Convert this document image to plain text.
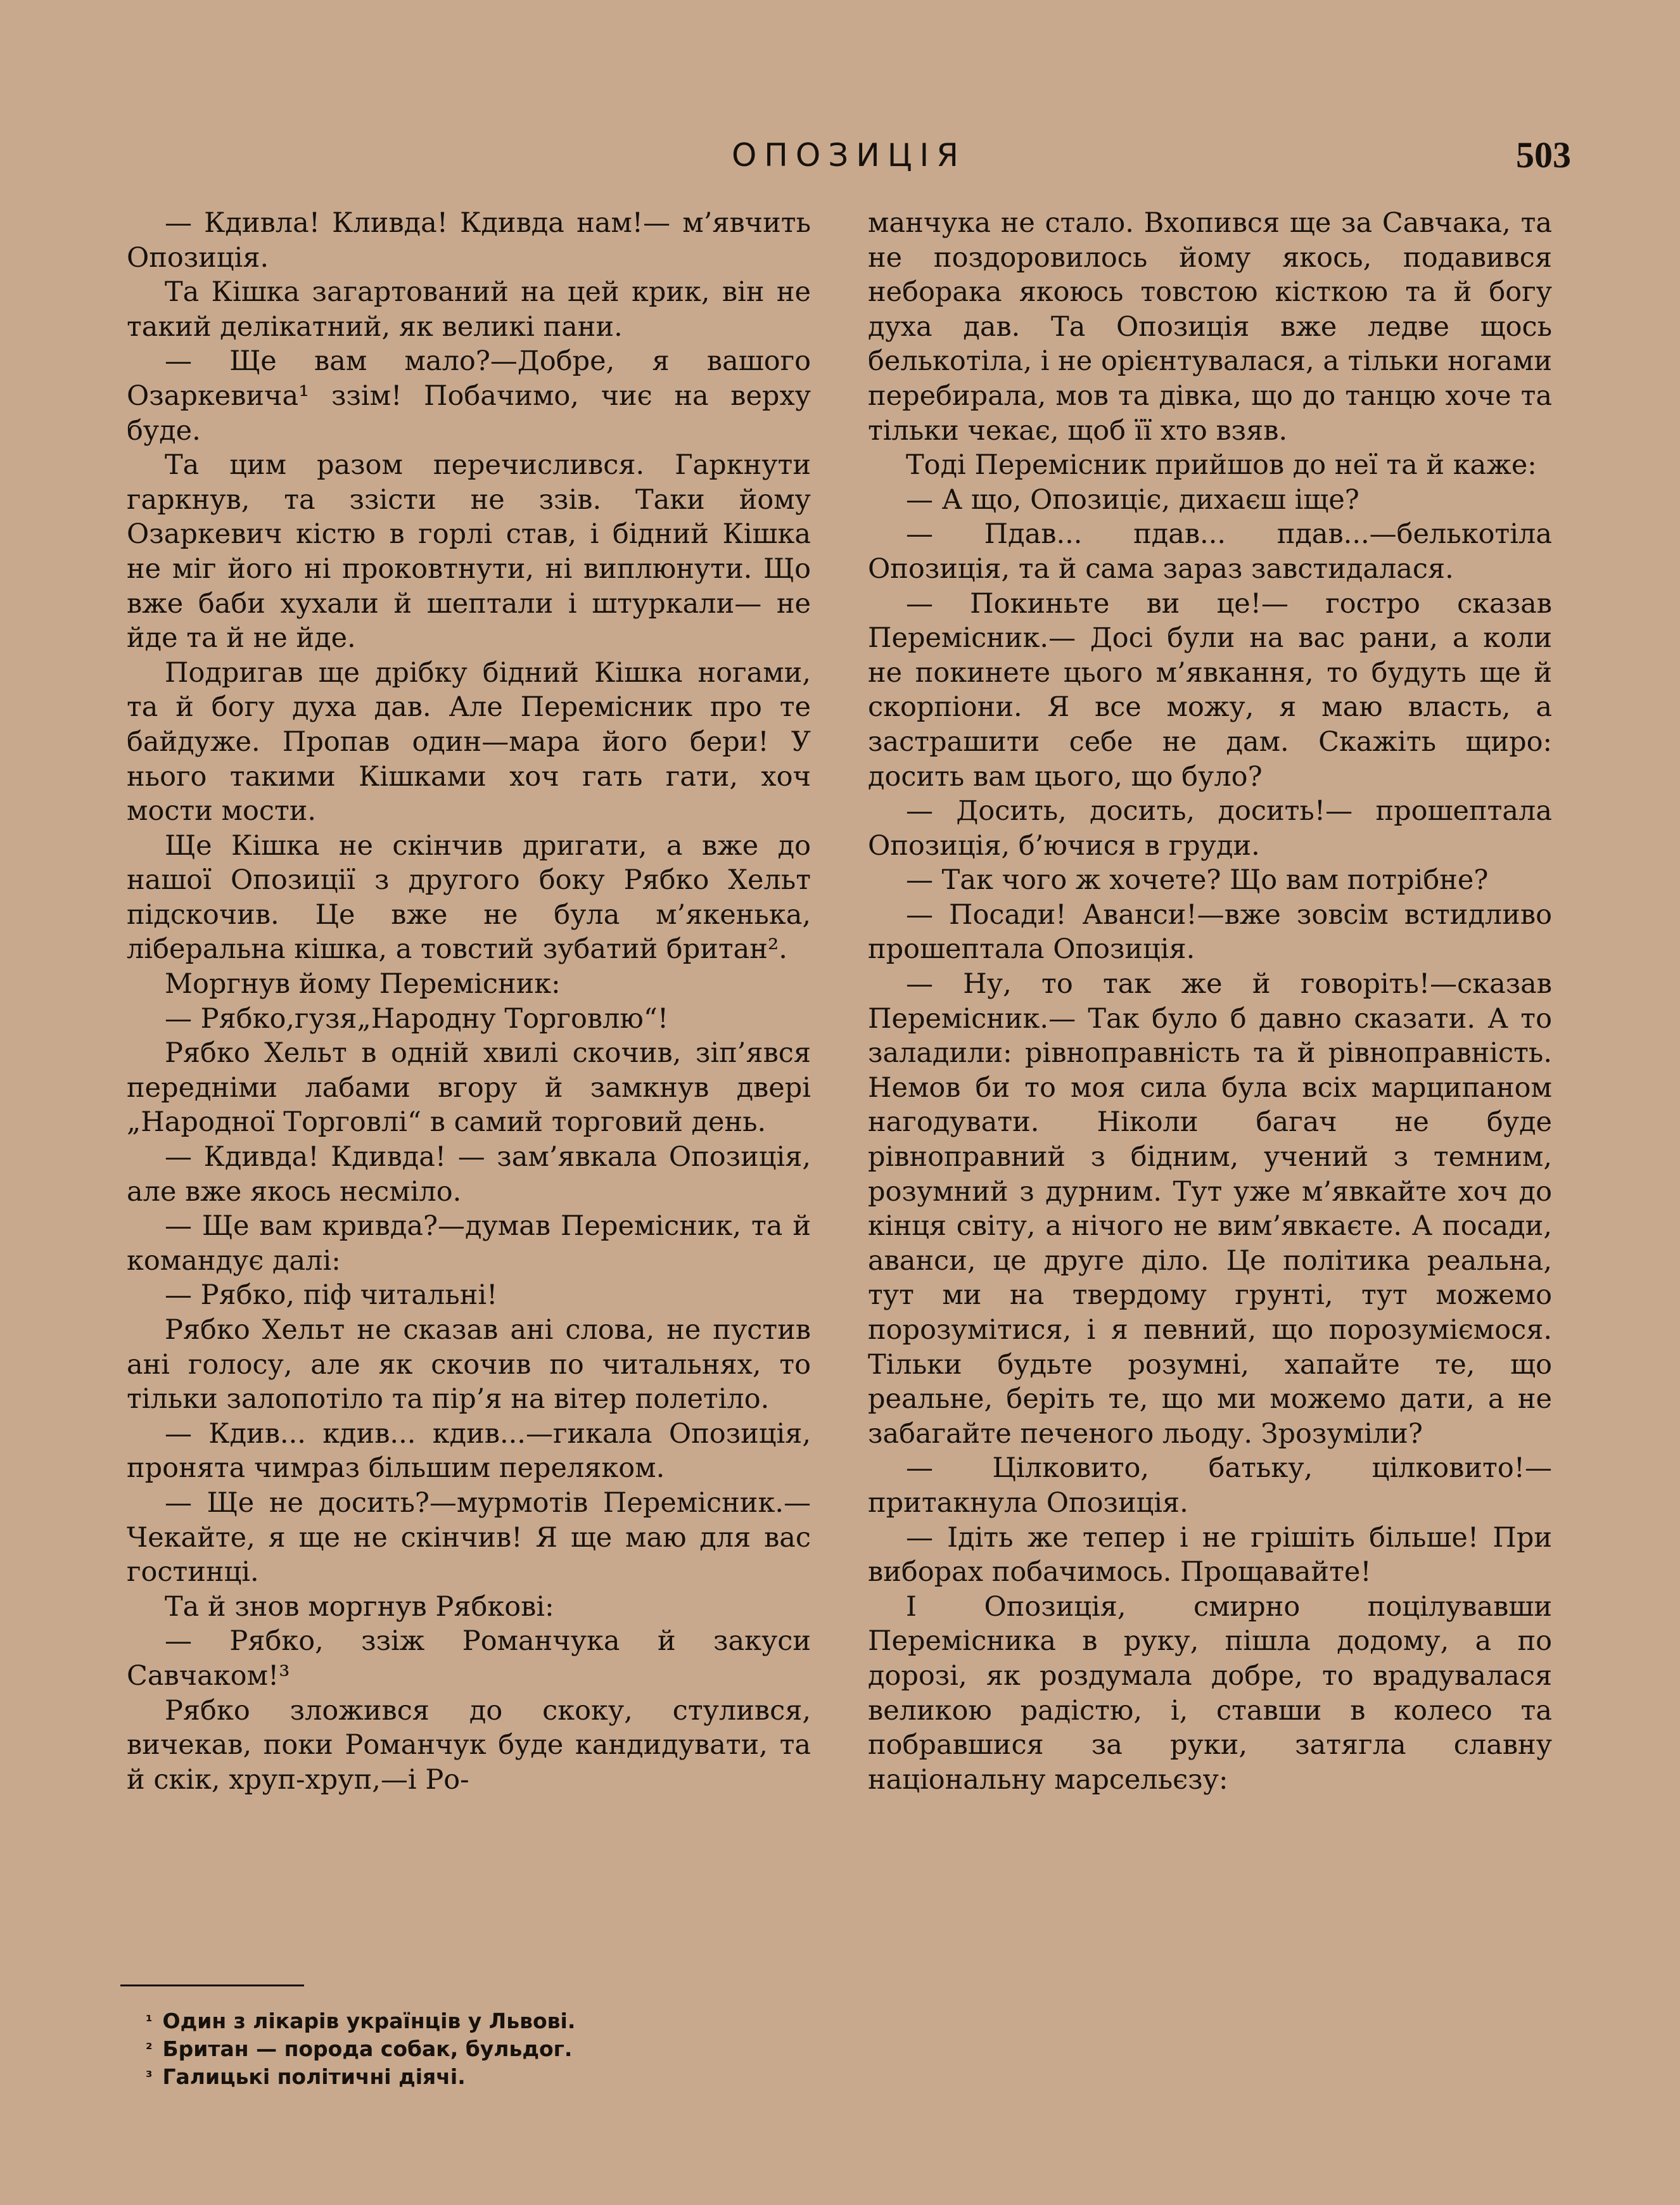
ОПОЗИЦІЯ	503

— Кдивла! Кливда! Кдивда нам!— м’явчить Опозиція.

Та Кішка загартований на цей крик, він не такий делікатний, як великі пани.

— Ще вам мало?—Добре, я вашого Озаркевича¹ ззім! Побачимо, чиє на верху буде.

Та цим разом перечислився. Гаркнути гаркнув, та ззісти не ззів. Таки йому Озаркевич кістю в горлі став, і бідний Кішка не міг його ні проковтнути, ні виплюнути. Що вже баби хухали й шептали і штуркали— не йде та й не йде.

Подригав ще дрібку бідний Кішка ногами, та й богу духа дав. Але Перемісник про те байдуже. Пропав один—мара його бери! У нього такими Кішками хоч гать гати, хоч мости мости.

Ще Кішка не скінчив дригати, а вже до нашої Опозиції з другого боку Рябко Хельт підскочив. Це вже не була м’якенька, ліберальна кішка, а товстий зубатий британ².

Моргнув йому Перемісник:

— Рябко,гузя„Народну Торговлю“!

Рябко Хельт в одній хвилі скочив, зіп’явся передніми лабами вгору й замкнув двері „Народної Торговлі“ в самий торговий день.

— Кдивда! Кдивда! — зам’явкала Опозиція, але вже якось несміло.

— Ще вам кривда?—думав Перемісник, та й командує далі:

— Рябко, піф читальні!

Рябко Хельт не сказав ані слова, не пустив ані голосу, але як скочив по читальнях, то тільки залопотіло та пір’я на вітер полетіло.

— Кдив... кдив... кдив...—гикала Опозиція, пронята чимраз більшим переляком.

— Ще не досить?—мурмотів Перемісник.— Чекайте, я ще не скінчив! Я ще маю для вас гостинці.

Та й знов моргнув Рябкові:

— Рябко, ззіж Романчука й закуси Савчаком!³

Рябко зложився до скоку, стулився, вичекав, поки Романчук буде кандидувати, та й скік, хруп-хруп,—і Ро-

манчука не стало. Вхопився ще за Савчака, та не поздоровилось йому якось, подавився неборака якоюсь товстою кісткою та й богу духа дав. Та Опозиція вже ледве щось белькотіла, і не орієнтувалася, а тільки ногами перебирала, мов та дівка, що до танцю хоче та тільки чекає, щоб її хто взяв.

Тоді Перемісник прийшов до неї та й каже:

— А що, Опозиціє, дихаєш іще?

— Пдав... пдав... пдав...—белькотіла Опозиція, та й сама зараз завстидалася.

— Покиньте ви це!— гостро сказав Перемісник.— Досі були на вас рани, а коли не покинете цього м’явкання, то будуть ще й скорпіони. Я все можу, я маю власть, а застрашити себе не дам. Скажіть щиро: досить вам цього, що було?

— Досить, досить, досить!— прошептала Опозиція, б’ючися в груди.

— Так чого ж хочете? Що вам потрібне?

— Посади! Аванси!—вже зовсім встидливо прошептала Опозиція.

— Ну, то так же й говоріть!—сказав Перемісник.— Так було б давно сказати. А то заладили: рівноправність та й рівноправність. Немов би то моя сила була всіх марципаном нагодувати. Ніколи багач не буде рівноправний з бідним, учений з темним, розумний з дурним. Тут уже м’явкайте хоч до кінця світу, а нічого не вим’явкаєте. А посади, аванси, це друге діло. Це політика реальна, тут ми на твердому грунті, тут можемо порозумітися, і я певний, що порозуміємося. Тільки будьте розумні, хапайте те, що реальне, беріть те, що ми можемо дати, а не забагайте печеного льоду. Зрозуміли?

— Цілковито, батьку, цілковито!— притакнула Опозиція.

— Ідіть же тепер і не грішіть більше! При виборах побачимось. Прощавайте!

І Опозиція, смирно поцілувавши Перемісника в руку, пішла додому, а по дорозі, як роздумала добре, то врадувалася великою радістю, і, ставши в колесо та побравшися за руки, затягла славну національну марсельєзу:

$^{^1}$ Один з лікарів українців у Львові.
$^{^2}$ Британ — порода собак, бульдог.
$^{^3}$ Галицькі політичні діячі.
